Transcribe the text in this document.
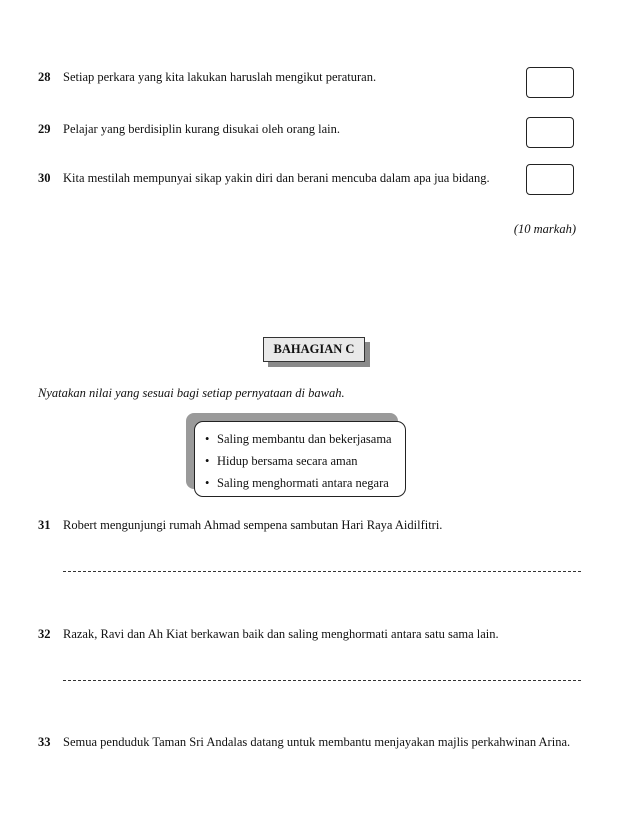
28 Setiap perkara yang kita lakukan haruslah mengikut peraturan.
29 Pelajar yang berdisiplin kurang disukai oleh orang lain.
30 Kita mestilah mempunyai sikap yakin diri dan berani mencuba dalam apa jua bidang.
(10 markah)
BAHAGIAN C
Nyatakan nilai yang sesuai bagi setiap pernyataan di bawah.
• Saling membantu dan bekerjasama
• Hidup bersama secara aman
• Saling menghormati antara negara
31 Robert mengunjungi rumah Ahmad sempena sambutan Hari Raya Aidilfitri.
32 Razak, Ravi dan Ah Kiat berkawan baik dan saling menghormati antara satu sama lain.
33 Semua penduduk Taman Sri Andalas datang untuk membantu menjayakan majlis perkahwinan Arina.
